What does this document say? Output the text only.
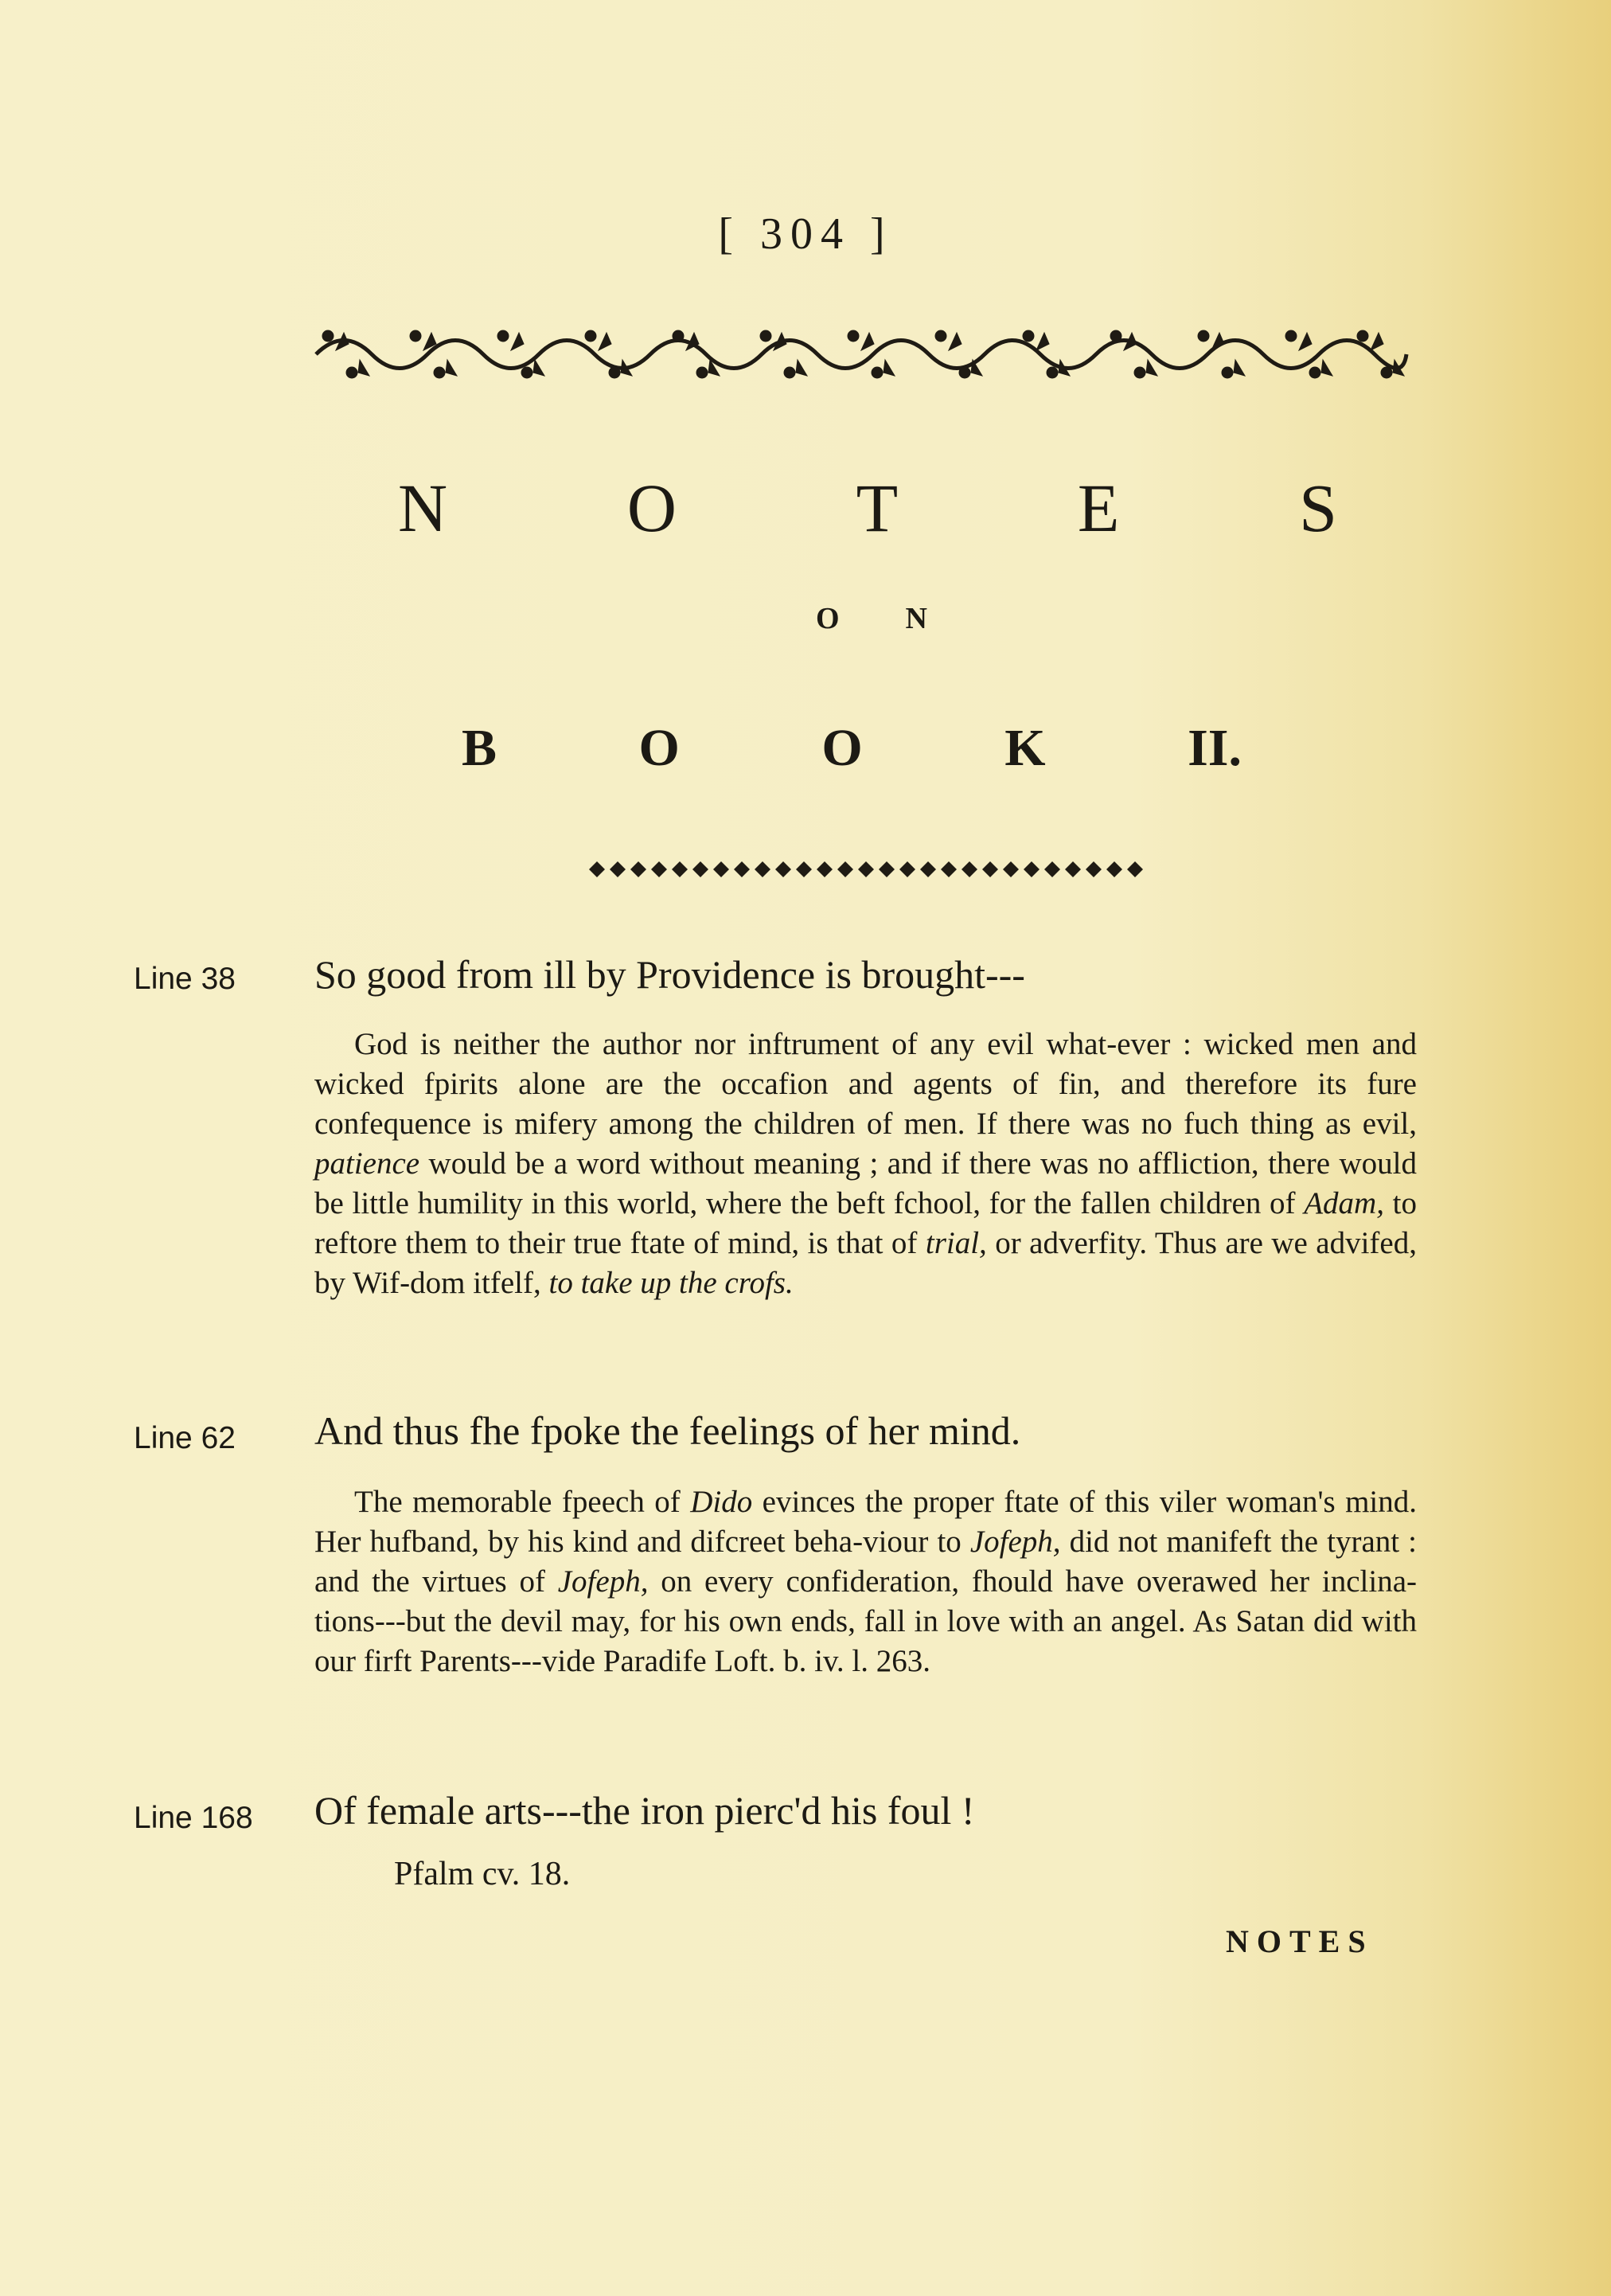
[ 304 ]
N	O	T	E	S
O N
B	O	O	K	II.
Line 38 So good from ill by Providence is brought---

God is neither the author nor inftrument of any evil what-ever : wicked men and wicked fpirits alone are the occafion and agents of fin, and therefore its fure confequence is mifery among the children of men. If there was no fuch thing as evil, patience would be a word without meaning ; and if there was no affliction, there would be little humility in this world, where the beft fchool, for the fallen children of Adam, to reftore them to their true ftate of mind, is that of trial, or adverfity. Thus are we advifed, by Wif-dom itfelf, to take up the crofs.

Line 62 And thus fhe fpoke the feelings of her mind.

The memorable fpeech of Dido evinces the proper ftate of this viler woman's mind. Her hufband, by his kind and difcreet beha-viour to Jofeph, did not manifeft the tyrant : and the virtues of Jofeph, on every confideration, fhould have overawed her inclina-tions---but the devil may, for his own ends, fall in love with an angel. As Satan did with our firft Parents---vide Paradife Loft. b. iv. l. 263.

Line 168 Of female arts---the iron pierc'd his foul !
Pfalm cv. 18.
NOTES
